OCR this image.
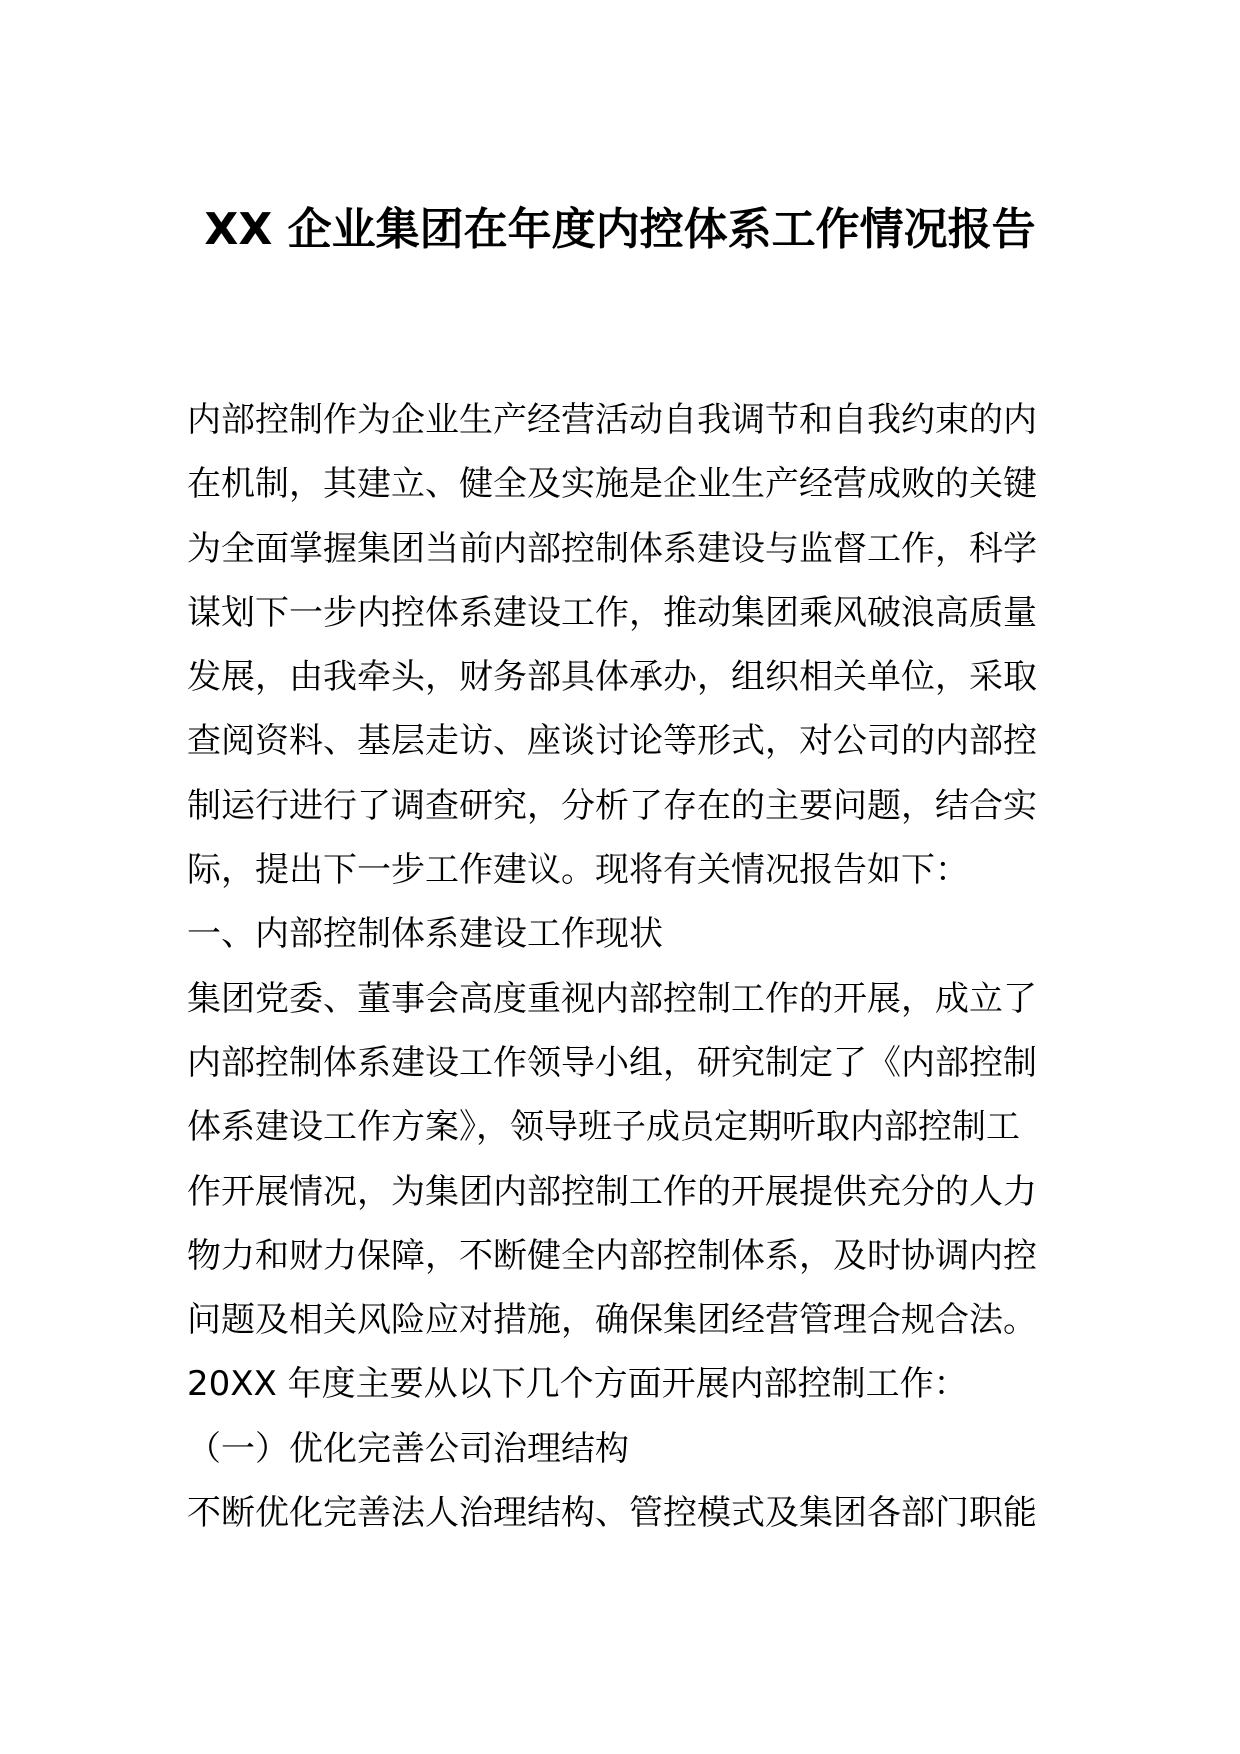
XX 企业集团在年度内控体系工作情况报告
内部控制作为企业生产经营活动自我调节和自我约束的内
在机制，其建立、健全及实施是企业生产经营成败的关键
为全面掌握集团当前内部控制体系建设与监督工作，科学
谋划下一步内控体系建设工作，推动集团乘风破浪高质量
发展，由我牵头，财务部具体承办，组织相关单位，采取
查阅资料、基层走访、座谈讨论等形式，对公司的内部控
制运行进行了调查研究，分析了存在的主要问题，结合实
际，提出下一步工作建议。现将有关情况报告如下：
一、内部控制体系建设工作现状
集团党委、董事会高度重视内部控制工作的开展，成立了
内部控制体系建设工作领导小组，研究制定了《内部控制
体系建设工作方案》，领导班子成员定期听取内部控制工
作开展情况，为集团内部控制工作的开展提供充分的人力
物力和财力保障，不断健全内部控制体系，及时协调内控
问题及相关风险应对措施，确保集团经营管理合规合法。
20XX 年度主要从以下几个方面开展内部控制工作：
（一）优化完善公司治理结构
不断优化完善法人治理结构、管控模式及集团各部门职能
